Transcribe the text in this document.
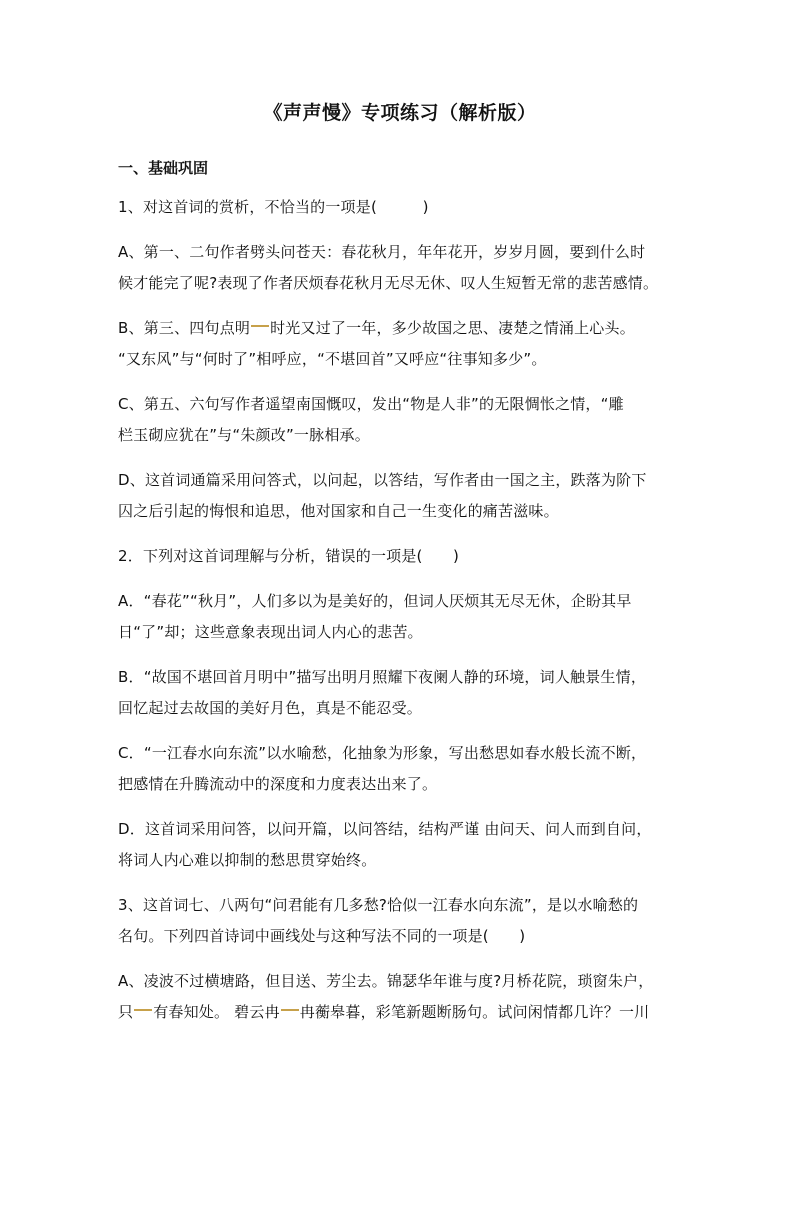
《声声慢》专项练习（解析版）
一、基础巩固

1、对这首词的赏析，不恰当的一项是(　　　)

A、第一、二句作者劈头问苍天：春花秋月，年年花开，岁岁月圆，要到什么时

候才能完了呢?表现了作者厌烦春花秋月无尽无休、叹人生短暂无常的悲苦感情。

B、第三、四句点明 时光又过了一年，多少故国之思、凄楚之情涌上心头。

“又东风”与“何时了”相呼应，“不堪回首”又呼应“往事知多少”。

C、第五、六句写作者遥望南国慨叹，发出“物是人非”的无限惆怅之情，“雕

栏玉砌应犹在”与“朱颜改”一脉相承。

D、这首词通篇采用问答式，以问起，以答结，写作者由一国之主，跌落为阶下

囚之后引起的悔恨和追思，他对国家和自己一生变化的痛苦滋味。

2．下列对这首词理解与分析，错误的一项是(　　)

A．“春花”“秋月”，人们多以为是美好的，但词人厌烦其无尽无休，企盼其早

日“了”却；这些意象表现出词人内心的悲苦。

B．“故国不堪回首月明中”描写出明月照耀下夜阑人静的环境，词人触景生情，

回忆起过去故国的美好月色，真是不能忍受。

C．“一江春水向东流”以水喻愁，化抽象为形象，写出愁思如春水般长流不断，

把感情在升腾流动中的深度和力度表达出来了。

D．这首词采用问答，以问开篇，以问答结，结构严谨 由问天、问人而到自问，

将词人内心难以抑制的愁思贯穿始终。

3、这首词七、八两句“问君能有几多愁?恰似一江春水向东流”，是以水喻愁的

名句。下列四首诗词中画线处与这种写法不同的一项是(　　)

A、凌波不过横塘路，但目送、芳尘去。锦瑟华年谁与度?月桥花院，琐窗朱户，

只 有春知处。 碧云冉 冉蘅皋暮，彩笔新题断肠句。试问闲情都几许？一川
